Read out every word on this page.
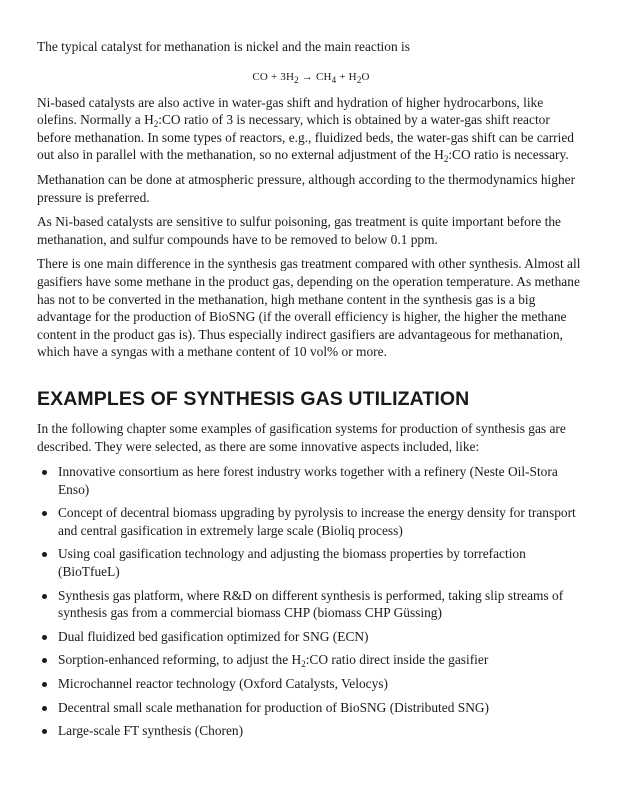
The typical catalyst for methanation is nickel and the main reaction is

CO + $3H_2 \to CH_4 + H_2O$

Ni-based catalysts are also active in water-gas shift and hydration of higher hydrocarbons, like olefins. Normally a $H_2:CO$ ratio of 3 is necessary, which is obtained by a water-gas shift reactor before methanation. In some types of reactors, e.g., fluidized beds, the water-gas shift can be carried out also in parallel with the methanation, so no external adjustment of the $H_2:CO$ ratio is necessary.

Methanation can be done at atmospheric pressure, although according to the thermodynamics higher pressure is preferred.

As Ni-based catalysts are sensitive to sulfur poisoning, gas treatment is quite important before the methanation, and sulfur compounds have to be removed to below 0.1 ppm.

There is one main difference in the synthesis gas treatment compared with other synthesis. Almost all gasifiers have some methane in the product gas, depending on the operation temperature. As methane has not to be converted in the methanation, high methane content in the synthesis gas is a big advantage for the production of BioSNG (if the overall efficiency is higher, the higher the methane content in the product gas is). Thus especially indirect gasifiers are advantageous for methanation, which have a syngas with a methane content of 10 vol% or more.

EXAMPLES OF SYNTHESIS GAS UTILIZATION

In the following chapter some examples of gasification systems for production of synthesis gas are described. They were selected, as there are some innovative aspects included, like:

Innovative consortium as here forest industry works together with a refinery (Neste Oil-Stora Enso)
Concept of decentral biomass upgrading by pyrolysis to increase the energy density for transport and central gasification in extremely large scale (Bioliq process)
Using coal gasification technology and adjusting the biomass properties by torrefaction (BioTfueL)
Synthesis gas platform, where R&D on different synthesis is performed, taking slip streams of synthesis gas from a commercial biomass CHP (biomass CHP Güssing)
Dual fluidized bed gasification optimized for SNG (ECN)
Sorption-enhanced reforming, to adjust the $H_2:CO$ ratio direct inside the gasifier
Microchannel reactor technology (Oxford Catalysts, Velocys)
Decentral small scale methanation for production of BioSNG (Distributed SNG)
Large-scale FT synthesis (Choren)
